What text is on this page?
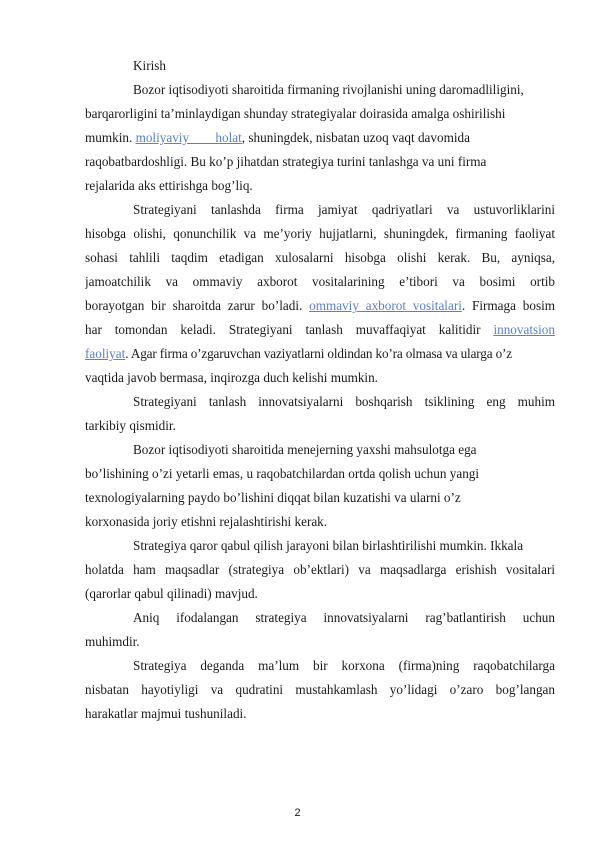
Kirish
Bozor iqtisodiyoti sharoitida firmaning rivojlanishi uning daromadliligini,
barqarorligini ta’minlaydigan shunday strategiyalar doirasida amalga oshirilishi
mumkin. moliyaviy        holat, shuningdek, nisbatan uzoq vaqt davomida
raqobatbardoshligi. Bu ko’p jihatdan strategiya turini tanlashga va uni firma
rejalarida aks ettirishga bog’liq.
Strategiyani tanlashda firma jamiyat qadriyatlari va ustuvorliklarini
hisobga olishi, qonunchilik va me’yoriy hujjatlarni, shuningdek, firmaning faoliyat
sohasi tahlili taqdim etadigan xulosalarni hisobga olishi kerak. Bu, ayniqsa,
jamoatchilik va ommaviy axborot vositalarining e’tibori va bosimi ortib
borayotgan bir sharoitda zarur bo’ladi. ommaviy axborot vositalari. Firmaga bosim
har tomondan keladi. Strategiyani tanlash muvaffaqiyat kalitidir innovatsion
faoliyat. Agar firma o’zgaruvchan vaziyatlarni oldindan ko’ra olmasa va ularga o’z
vaqtida javob bermasa, inqirozga duch kelishi mumkin.
Strategiyani tanlash innovatsiyalarni boshqarish tsiklining eng muhim
tarkibiy qismidir.
Bozor iqtisodiyoti sharoitida menejerning yaxshi mahsulotga ega
bo’lishining o’zi yetarli emas, u raqobatchilardan ortda qolish uchun yangi
texnologiyalarning paydo bo’lishini diqqat bilan kuzatishi va ularni o’z
korxonasida joriy etishni rejalashtirishi kerak.
Strategiya qaror qabul qilish jarayoni bilan birlashtirilishi mumkin. Ikkala
holatda ham maqsadlar (strategiya ob’ektlari) va maqsadlarga erishish vositalari
(qarorlar qabul qilinadi) mavjud.
Aniq ifodalangan strategiya innovatsiyalarni rag’batlantirish uchun
muhimdir.
Strategiya deganda ma’lum bir korxona (firma)ning raqobatchilarga
nisbatan hayotiyligi va qudratini mustahkamlash yo’lidagi o’zaro bog’langan
harakatlar majmui tushuniladi.
2
